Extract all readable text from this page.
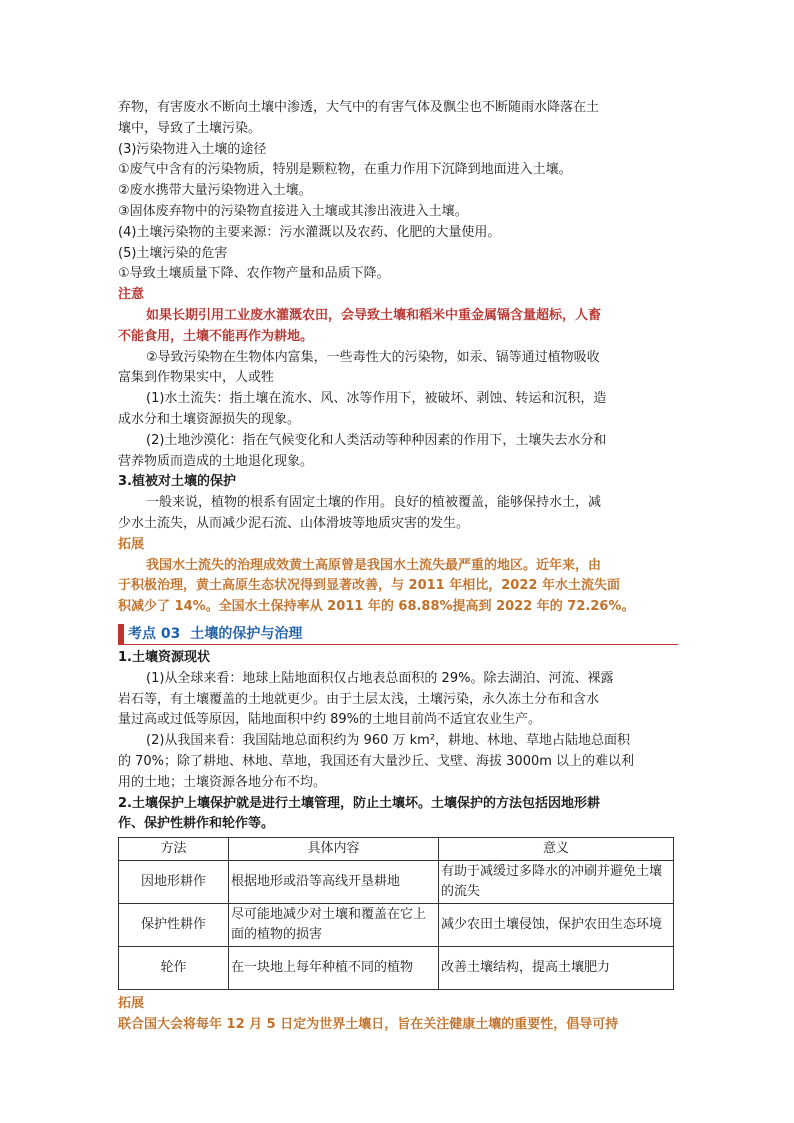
弃物，有害废水不断向土壤中渗透，大气中的有害气体及飘尘也不断随雨水降落在土

壤中，导致了土壤污染。

(3)污染物进入土壤的途径

①废气中含有的污染物质，特别是颗粒物，在重力作用下沉降到地面进入土壤。

②废水携带大量污染物进入土壤。

③固体废弃物中的污染物直接进入土壤或其渗出液进入土壤。

(4)土壤污染物的主要来源：污水灌溉以及农药、化肥的大量使用。

(5)土壤污染的危害

①导致土壤质量下降、农作物产量和品质下降。

注意

如果长期引用工业废水灌溉农田，会导致土壤和稻米中重金属镉含量超标，人畜

不能食用，土壤不能再作为耕地。

②导致污染物在生物体内富集，一些毒性大的污染物，如汞、镉等通过植物吸收

富集到作物果实中，人或牲

(1)水土流失：指土壤在流水、风、冰等作用下，被破坏、剥蚀、转运和沉积，造

成水分和土壤资源损失的现象。

(2)土地沙漠化：指在气候变化和人类活动等种种因素的作用下，土壤失去水分和

营养物质而造成的土地退化现象。

3.植被对土壤的保护

一般来说，植物的根系有固定土壤的作用。良好的植被覆盖，能够保持水土，减

少水土流失，从而减少泥石流、山体滑坡等地质灾害的发生。

拓展

我国水土流失的治理成效黄土高原曾是我国水土流失最严重的地区。近年来，由

于积极治理，黄土高原生态状况得到显著改善，与 2011 年相比，2022 年水土流失面

积减少了 14%。全国水土保持率从 2011 年的 68.88%提高到 2022 年的 72.26%。

考点 03 土壤的保护与治理

1.土壤资源现状

(1)从全球来看：地球上陆地面积仅占地表总面积的 29%。除去湖泊、河流、裸露

岩石等，有土壤覆盖的土地就更少。由于土层太浅，土壤污染，永久冻土分布和含水

量过高或过低等原因，陆地面积中约 89%的土地目前尚不适宜农业生产。

(2)从我国来看：我国陆地总面积约为 960 万 km²，耕地、林地、草地占陆地总面积

的 70%；除了耕地、林地、草地，我国还有大量沙丘、戈壁、海拔 3000m 以上的难以利

用的土地；土壤资源各地分布不均。

2.土壤保护上壤保护就是进行土壤管理，防止土壤坏。土壤保护的方法包括因地形耕

作、保护性耕作和轮作等。

方法	具体内容	意义
因地形耕作	根据地形或沿等高线开垦耕地	有助于减缓过多降水的冲刷并避免土壤的流失
保护性耕作	尽可能地减少对土壤和覆盖在它上面的植物的损害	减少农田土壤侵蚀，保护农田生态环境
轮作	在一块地上每年种植不同的植物	改善土壤结构，提高土壤肥力

拓展

联合国大会将每年 12 月 5 日定为世界土壤日，旨在关注健康土壤的重要性，倡导可持
